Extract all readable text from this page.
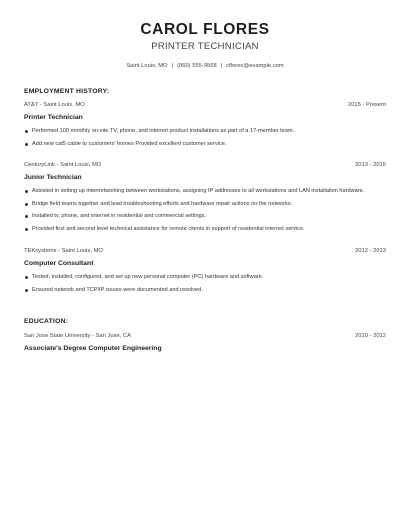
CAROL FLORES
PRINTER TECHNICIAN
Saint Louis, MO | (860) 555-9568 | cflores@example.com
EMPLOYMENT HISTORY:
AT&T - Saint Louis, MO	2015 - Present
Printer Technician
Performed 100 monthly on-site TV, phone, and internet product installations as part of a 17-member team.
Add new cat5 cable to customers' homes Provided excellent customer service.
CenturyLink - Saint Louis, MO	2013 - 2015
Junior Technician
Assisted in setting up internetworking between workstations, assigning IP addresses to all workstations and LAN installation hardware.
Bridge field teams together and lead troubleshooting efforts and hardware repair actions on the networks.
Installed tv, phone, and internet in residential and commercial settings.
Provided first and second level technical assistance for remote clients in support of residential internet service.
TEKsystems - Saint Louis, MO	2012 - 2013
Computer Consultant
Tested, installed, configured, and set up new personal computer (PC) hardware and software.
Ensured network and TCP/IP issues were documented and resolved.
EDUCATION:
San Jose State University - San Jose, CA	2010 - 2012
Associate's Degree Computer Engineering
